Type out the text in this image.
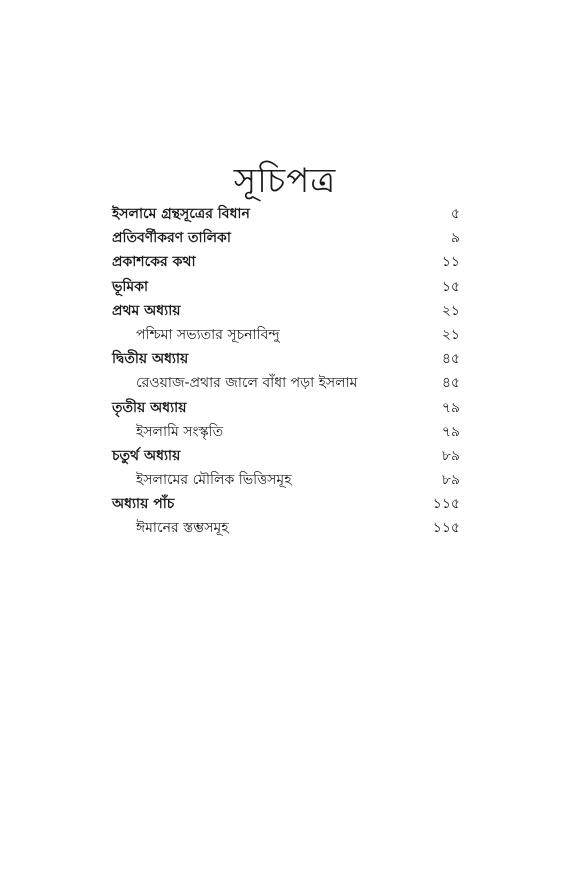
সূচিপত্র
ইসলামে গ্রন্থসূত্রের বিধান	৫
প্রতিবর্ণীকরণ তালিকা	৯
প্রকাশকের কথা	১১
ভূমিকা	১৫
প্রথম অধ্যায়	২১
পশ্চিমা সভ্যতার সূচনাবিন্দু	২১
দ্বিতীয় অধ্যায়	৪৫
রেওয়াজ-প্রথার জালে বাঁধা পড়া ইসলাম	৪৫
তৃতীয় অধ্যায়	৭৯
ইসলামি সংস্কৃতি	৭৯
চতুর্থ অধ্যায়	৮৯
ইসলামের মৌলিক ভিত্তিসমূহ	৮৯
অধ্যায় পাঁচ	১১৫
ঈমানের স্তম্ভসমূহ	১১৫
